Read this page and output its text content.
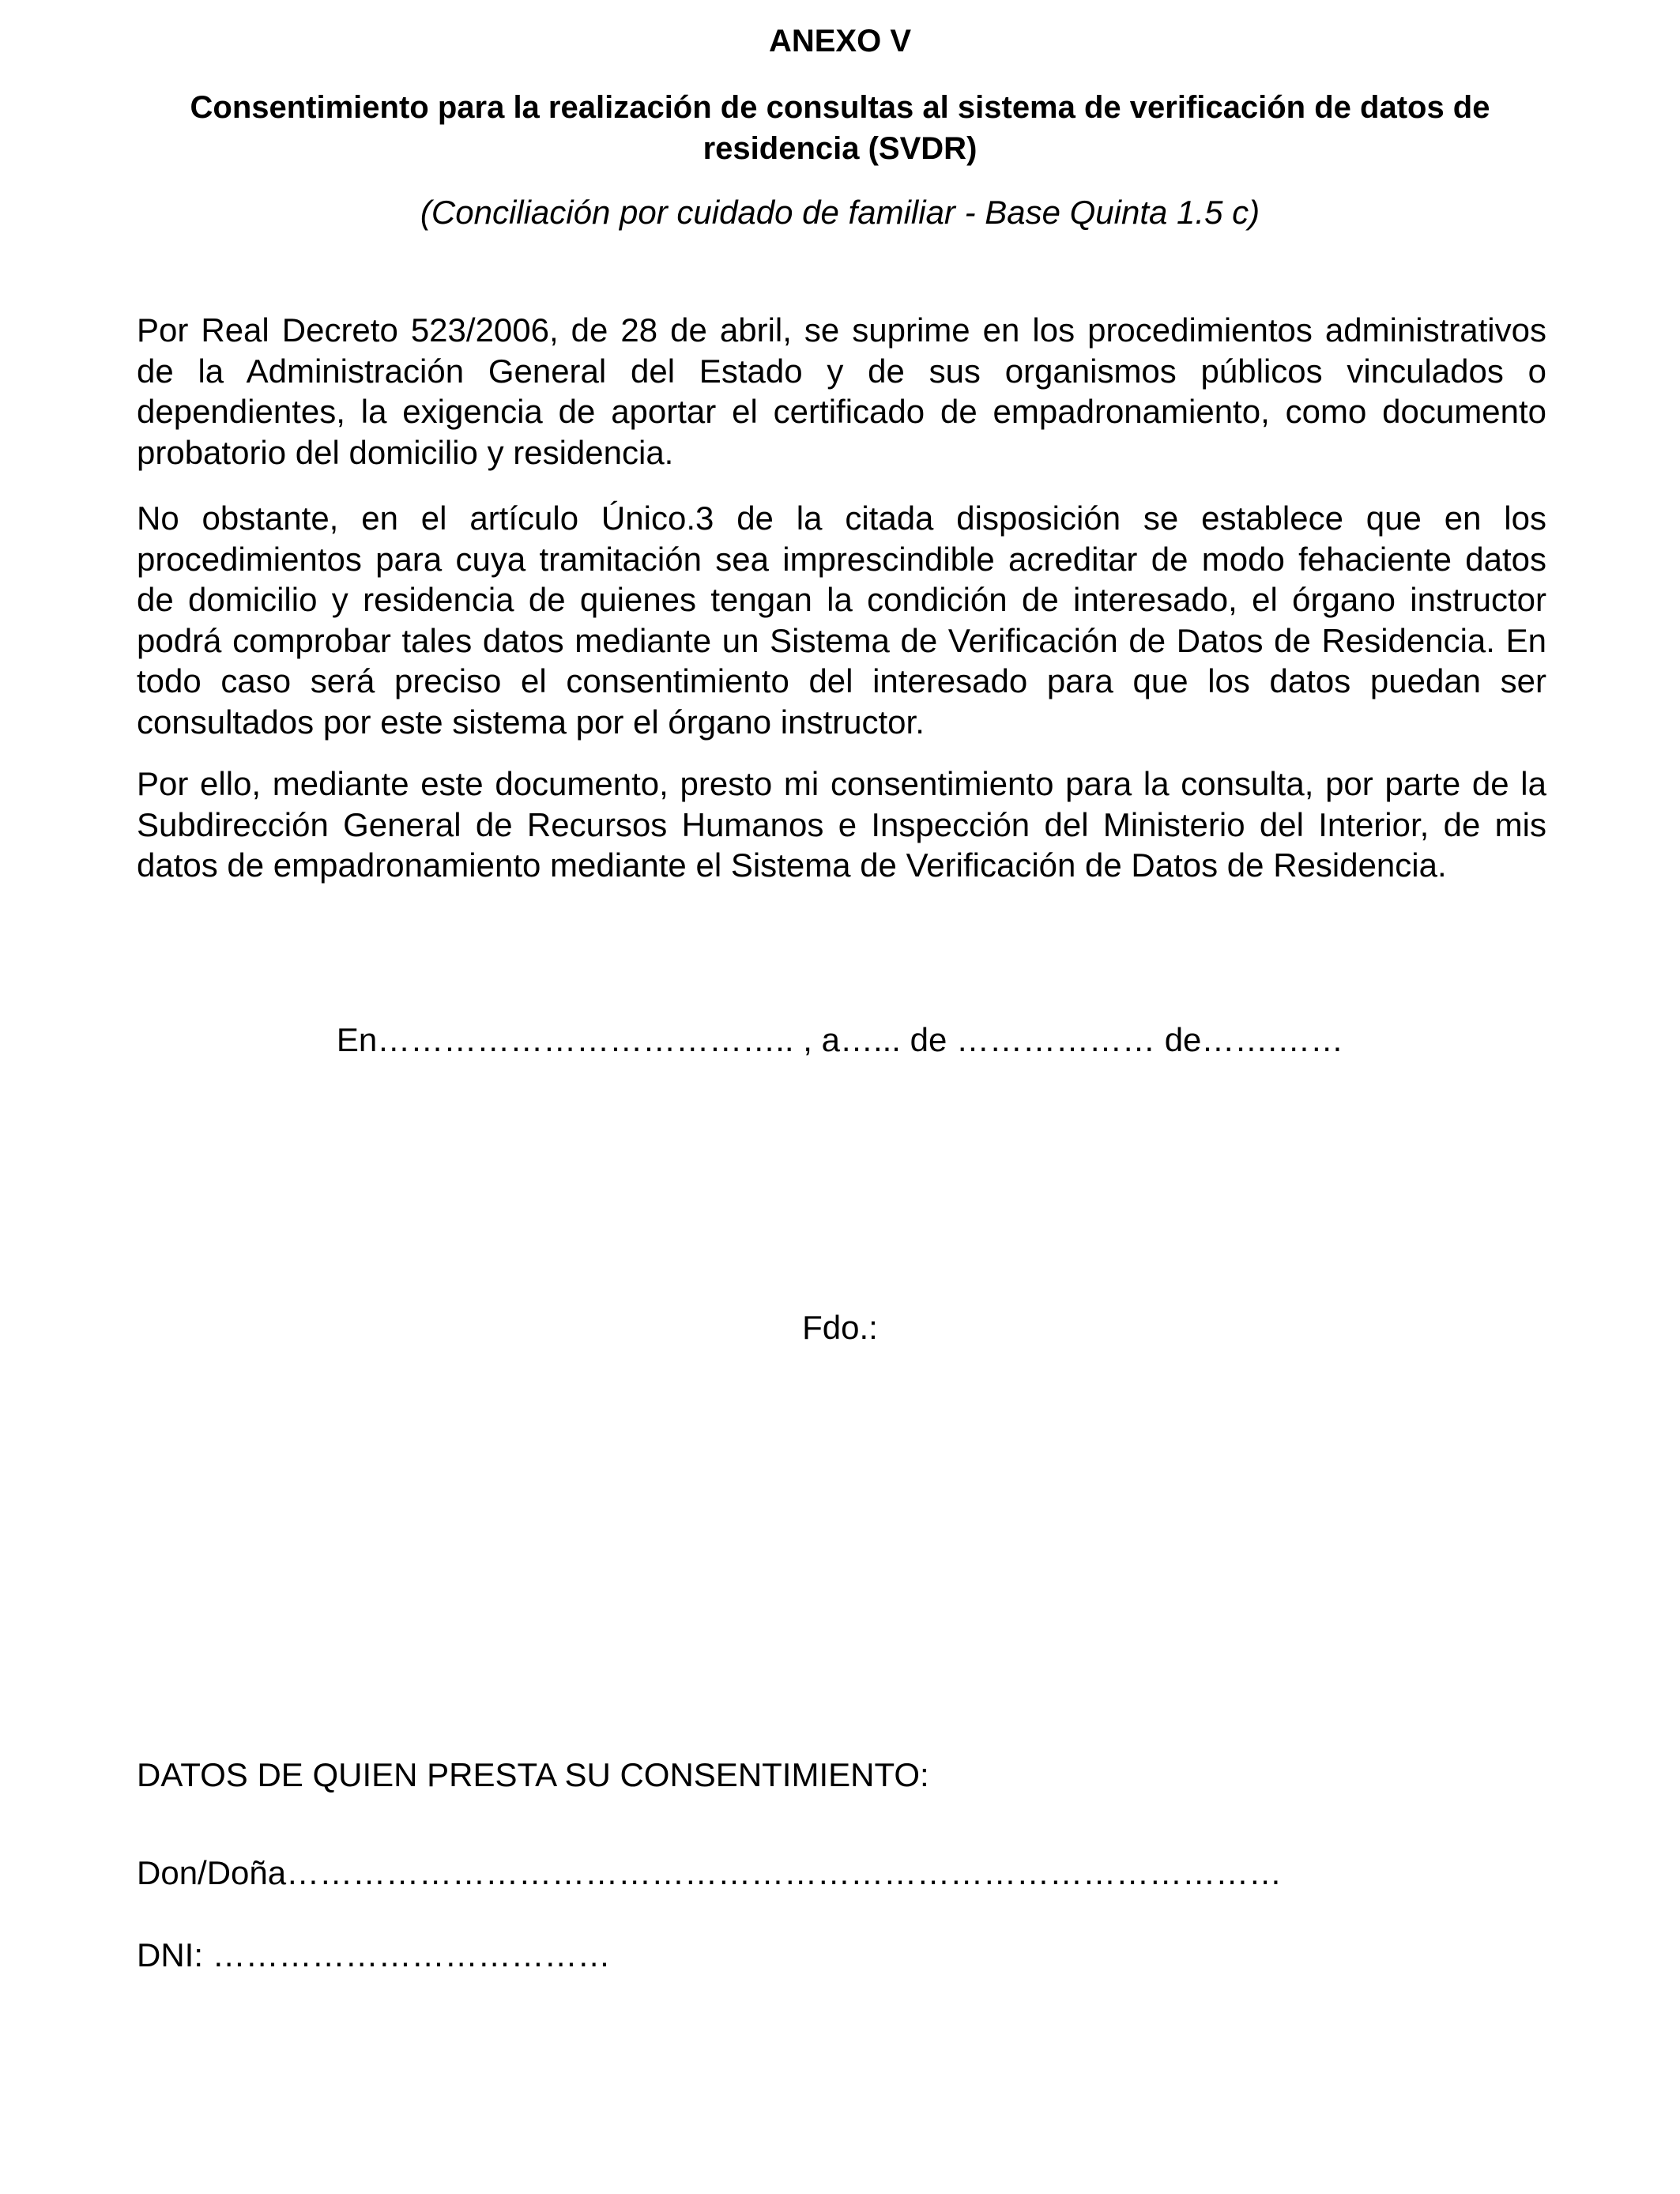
ANEXO V
Consentimiento para la realización de consultas al sistema de verificación de datos de residencia (SVDR)
(Conciliación por cuidado de familiar - Base Quinta 1.5 c)

Por Real Decreto 523/2006, de 28 de abril, se suprime en los procedimientos administrativos de la Administración General del Estado y de sus organismos públicos vinculados o dependientes, la exigencia de aportar el certificado de empadronamiento, como documento probatorio del domicilio y residencia.

No obstante, en el artículo Único.3 de la citada disposición se establece que en los procedimientos para cuya tramitación sea imprescindible acreditar de modo fehaciente datos de domicilio y residencia de quienes tengan la condición de interesado, el órgano instructor podrá comprobar tales datos mediante un Sistema de Verificación de Datos de Residencia. En todo caso será preciso el consentimiento del interesado para que los datos puedan ser consultados por este sistema por el órgano instructor.

Por ello, mediante este documento, presto mi consentimiento para la consulta, por parte de la Subdirección General de Recursos Humanos e Inspección del Ministerio del Interior, de mis datos de empadronamiento mediante el Sistema de Verificación de Datos de Residencia.

En……………………………….. , a…... de ……………… de…….……
Fdo.:
DATOS DE QUIEN PRESTA SU CONSENTIMIENTO:
Don/Doña………………………………………………………………………………
DNI: ………………………………
